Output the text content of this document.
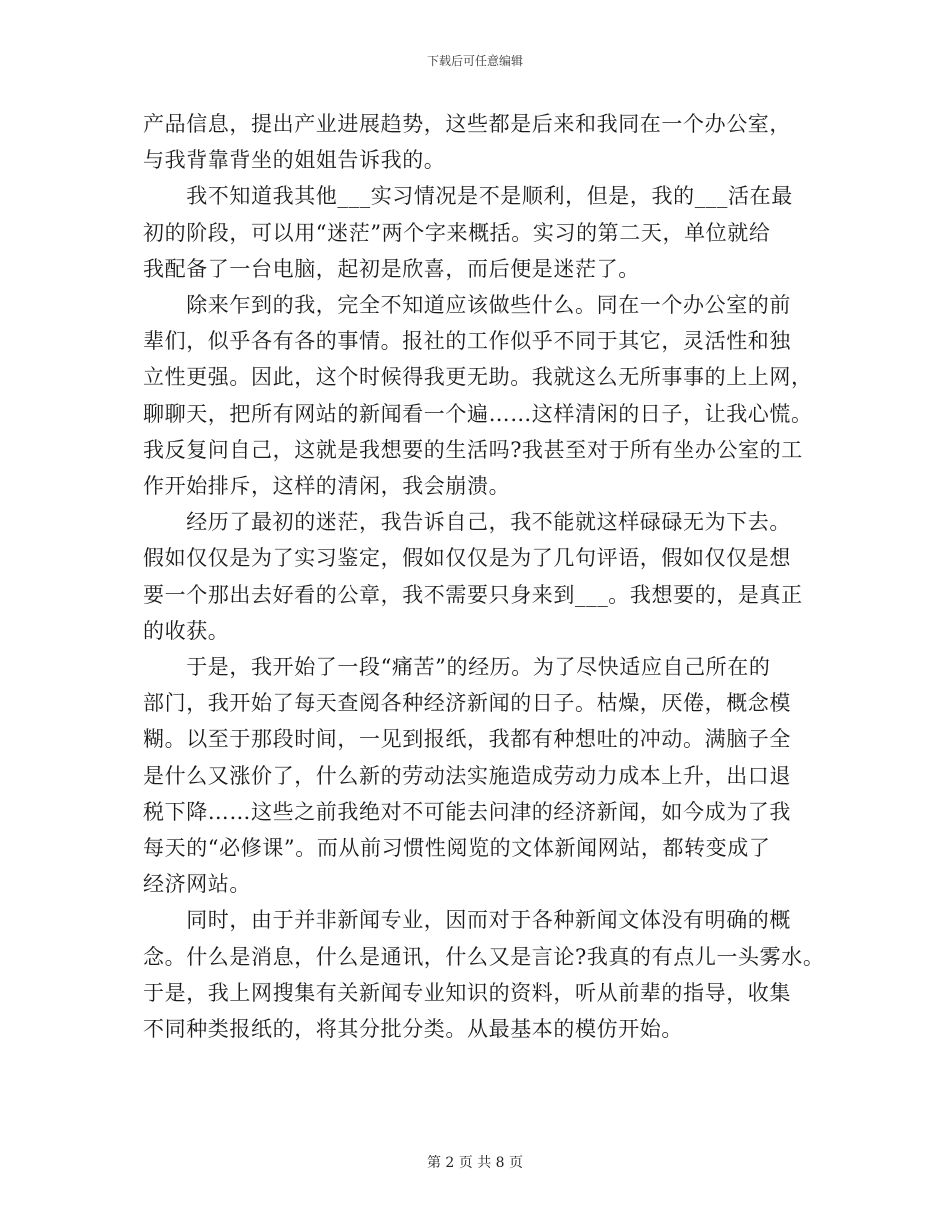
下载后可任意编辑

产品信息，提出产业进展趋势，这些都是后来和我同在一个办公室，
与我背靠背坐的姐姐告诉我的。

　　我不知道我其他___实习情况是不是顺利，但是，我的___活在最
初的阶段，可以用“迷茫”两个字来概括。实习的第二天，单位就给
我配备了一台电脑，起初是欣喜，而后便是迷茫了。

　　除来乍到的我，完全不知道应该做些什么。同在一个办公室的前
辈们，似乎各有各的事情。报社的工作似乎不同于其它，灵活性和独
立性更强。因此，这个时候得我更无助。我就这么无所事事的上上网，
聊聊天，把所有网站的新闻看一个遍……这样清闲的日子，让我心慌。
我反复问自己，这就是我想要的生活吗?我甚至对于所有坐办公室的工
作开始排斥，这样的清闲，我会崩溃。

　　经历了最初的迷茫，我告诉自己，我不能就这样碌碌无为下去。
假如仅仅是为了实习鉴定，假如仅仅是为了几句评语，假如仅仅是想
要一个那出去好看的公章，我不需要只身来到___。我想要的，是真正
的收获。

　　于是，我开始了一段“痛苦”的经历。为了尽快适应自己所在的
部门，我开始了每天查阅各种经济新闻的日子。枯燥，厌倦，概念模
糊。以至于那段时间，一见到报纸，我都有种想吐的冲动。满脑子全
是什么又涨价了，什么新的劳动法实施造成劳动力成本上升，出口退
税下降……这些之前我绝对不可能去问津的经济新闻，如今成为了我
每天的“必修课”。而从前习惯性阅览的文体新闻网站，都转变成了
经济网站。

　　同时，由于并非新闻专业，因而对于各种新闻文体没有明确的概
念。什么是消息，什么是通讯，什么又是言论?我真的有点儿一头雾水。
于是，我上网搜集有关新闻专业知识的资料，听从前辈的指导，收集
不同种类报纸的，将其分批分类。从最基本的模仿开始。

第 2 页 共 8 页
